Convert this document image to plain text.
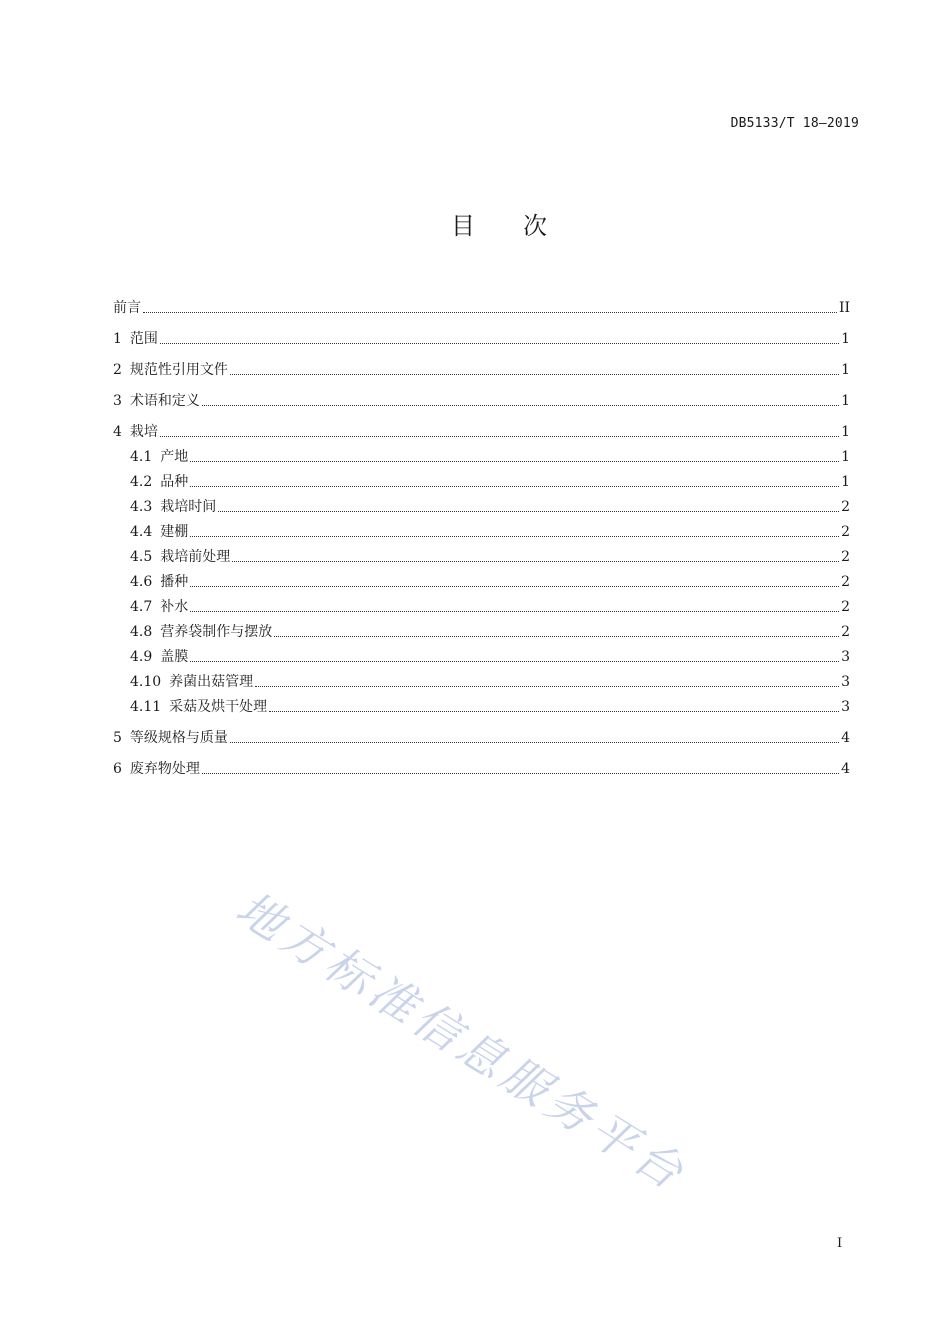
DB5133/T 18—2019
目次
前言	II
1 范围	1
2 规范性引用文件	1
3 术语和定义	1
4 栽培	1
4.1 产地	1
4.2 品种	1
4.3 栽培时间	2
4.4 建棚	2
4.5 栽培前处理	2
4.6 播种	2
4.7 补水	2
4.8 营养袋制作与摆放	2
4.9 盖膜	3
4.10 养菌出菇管理	3
4.11 采菇及烘干处理	3
5 等级规格与质量	4
6 废弃物处理	4
地方标准信息服务平台
I
